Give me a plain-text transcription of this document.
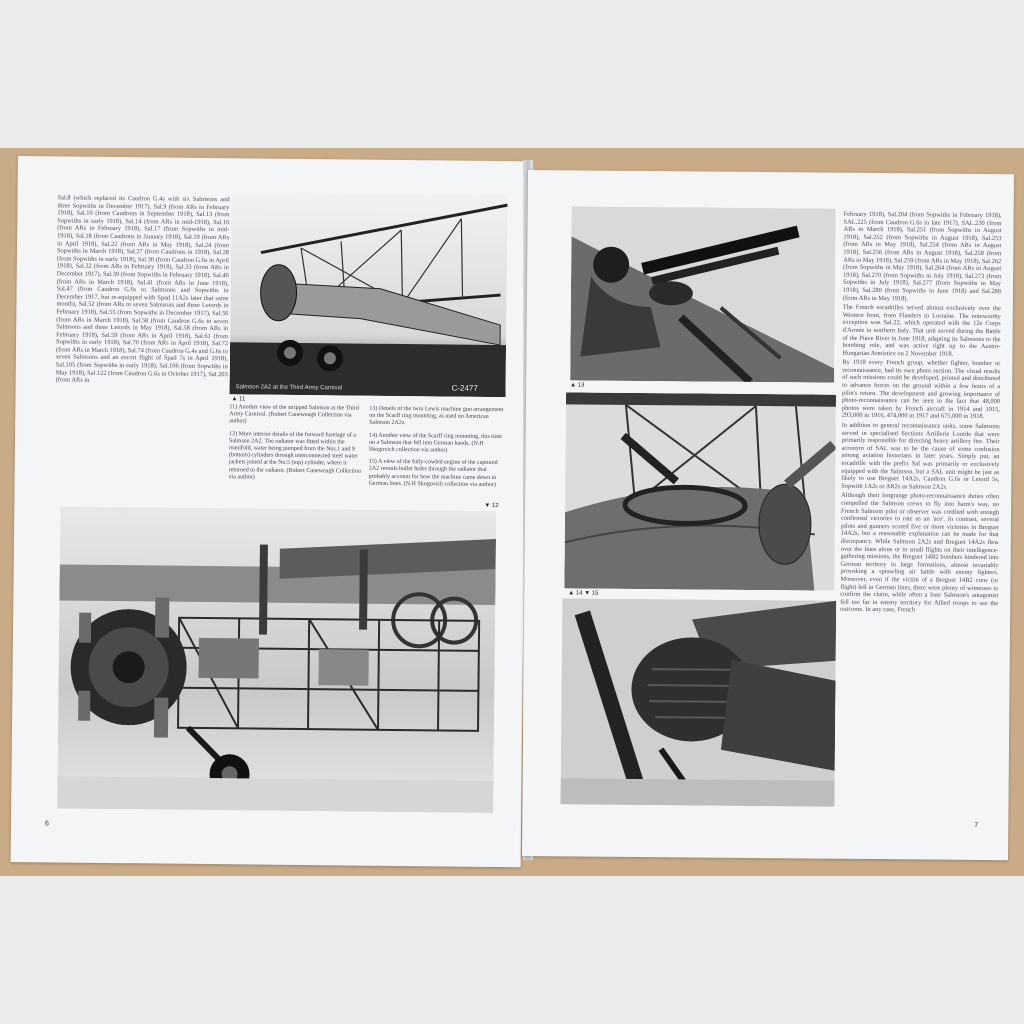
Sal.8 (which replaced its Caudron G.4s with six Salmsons and three Sopwiths in December 1917), Sal.9 (from ARs in February 1918), Sal.10 (from Caudrons in September 1918), Sal.13 (from Sopwiths in early 1918), Sal.14 (from ARs in mid-1918), Sal.16 (from ARs in February 1918), Sal.17 (from Sopwiths in mid-1918), Sal.18 (from Caudrons in January 1918), Sal.19 (from ARs in April 1918), Sal.22 (from ARs in May 1918), Sal.24 (from Sopwiths in March 1918), Sal.27 (from Caudrons in 1918), Sal.28 (from Sopwiths in early 1918), Sal.30 (from Caudron G.6s in April 1918), Sal.32 (from ARs in February 1918), Sal.33 (from ARs in December 1917), Sal.39 (from Sopwiths in February 1918), Sal.40 (from ARs in March 1918), Sal.41 (from ARs in June 1918), Sal.47 (from Caudron G.6s to Salmsons and Sopwiths in December 1917, but re-equipped with Spad 11A2s later that same month), Sal.52 (from ARs to seven Salmsons and three Letords in February 1918), Sal.55 (from Sopwiths in December 1917), Sal.56 (from ARs in March 1918), Sal.58 (from Caudron G.6s to seven Salmsons and three Letords in May 1918), Sal.58 (from ARs in February 1918), Sal.59 (from ARs in April 1918), Sal.61 (from Sopwiths in early 1918), Sal.70 (from ARs in April 1918), Sal.72 (from ARs in March 1918), Sal.74 (from Caudron G.4s and G.6s to seven Salmsons and an escort flight of Spad 7s in April 1918), Sal.105 (from Sopwiths in early 1918), Sal.106 (from Sopwiths in May 1918), Sal.122 (from Caudron G.6s in October 1917), Sal.203 (from ARs in

Salmson 2A2 at the Third Army Carnival	C-2477
▲ 11

11) Another view of the stripped Salmson at the Third Army Carnival. (Robert Caneweagh Collection via author)

12) More interior details of the forward fuselage of a Salmson 2A2. The radiator was fitted within the manifold, water being pumped from the Nos.1 and 9 (bottom) cylinders through interconnected steel water jackets joined at the No.5 (top) cylinder, where it returned to the radiator. (Robert Caneweagh Collection via author)

13) Details of the twin Lewis machine gun arrangement on the Scarff ring mounting, as used on American Salmson 2A2s.

14) Another view of the Scarff ring mounting, this time on a Salmson that fell into German hands. (N.H Skogovich collection via author)

15) A view of the fully-cowled engine of the captured 2A2 reveals bullet holes through the radiator that probably account for how the machine came down in German lines. (N.H Skogovich collection via author)

▼ 12
6
▲ 13
▲ 14 ▼ 15

February 1918), Sal.204 (from Sopwiths in February 1918), SAL.225 (from Caudron G.6s in late 1917), SAL.230 (from ARs in March 1918), Sal.251 (from Sopwiths in August 1918), Sal.252 (from Sopwiths in August 1918), Sal.253 (from ARs in May 1918), Sal.254 (from ARs in August 1918), Sal.256 (from ARs in August 1918), Sal.258 (from ARs in May 1918), Sal.259 (from ARs in May 1918), Sal.262 (from Sopwiths in May 1918), Sal.264 (from ARs in August 1918), Sal.270 (from Sopwiths in July 1918), Sal.273 (from Sopwiths in July 1918), Sal.277 (from Sopwiths in May 1918), Sal.280 (from Sopwiths in June 1918) and Sal.288 (from ARs in May 1918).

The French escadrilles served almost exclusively over the Western front, from Flanders to Lorraine. The noteworthy exception was Sal.22, which operated with the 12e Corps d'Armée in northern Italy. That unit served during the Battle of the Piave River in June 1918, adapting its Salmsons to the bombing role, and was active right up to the Austro-Hungarian Armistice on 2 November 1918.

By 1918 every French group, whether fighter, bomber or reconnaissance, had its own photo section. The visual results of such missions could be developed, printed and distributed to advance forces on the ground within a few hours of a pilot's return. The development and growing importance of photo-reconnaissance can be seen in the fact that 48,000 photos were taken by French aircraft in 1914 and 1915, 293,000 in 1916, 474,000 in 1917 and 675,000 in 1918.

In addition to general reconnaissance units, some Salmsons served in specialised Sections Artillerie Lourde that were primarily responsible for directing heavy artillery fire. Their acronym of SAL was to be the cause of some confusion among aviation historians in later years. Simply put, an escadrille with the prefix Sal was primarily or exclusively equipped with the Salmson, but a SAL unit might be just as likely to use Breguet 14A2s, Caudron G.6s or Letord 5s, Sopwith 1A2s or AR2s as Salmson 2A2s.

Although their longrange photo-reconnaissance duties often compelled the Salmson crews to fly into harm's way, no French Salmson pilot or observer was credited with enough confirmed victories to rate as an 'ace'. In contrast, several pilots and gunners scored five or more victories in Breguet 14A2s, but a reasonable explanation can be made for that discrepancy. While Salmson 2A2s and Breguet 14A2s flew over the lines alone or in small flights on their intelligence-gathering missions, the Breguet 14B2 bombers hindered into German territory in large formations, almost invariably provoking a sprawling air battle with enemy fighters. Moreover, even if the victim of a Breguet 14B2 crew (or flight) fell in German lines, there were plenty of witnesses to confirm the claim, while often a lone Salmson's antagonist fell too far in enemy territory for Allied troops to see the outcome. In any case, French

7
